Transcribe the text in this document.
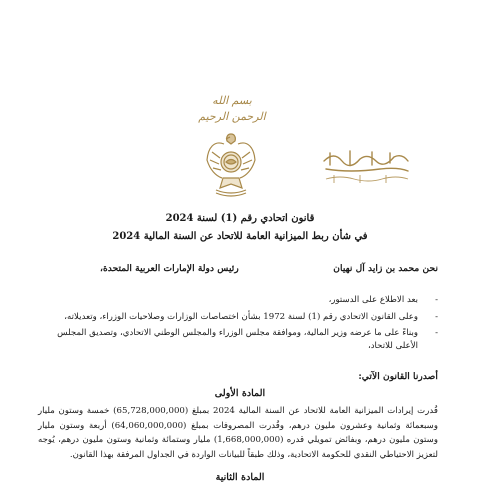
بسم الله الرحمن الرحيم
قانون اتحادي رقم (1) لسنة 2024
في شأن ربط الميزانية العامة للاتحاد عن السنة المالية 2024
نحن محمد بن زايد آل نهيان
رئيس دولة الإمارات العربية المتحدة،
-
بعد الاطلاع على الدستور،
-
وعلى القانون الاتحادي رقم (1) لسنة 1972 بشأن اختصاصات الوزارات وصلاحيات الوزراء، وتعديلاته،
-
وبناءً على ما عرضه وزير المالية، وموافقة مجلس الوزراء والمجلس الوطني الاتحادي، وتصديق المجلس الأعلى للاتحاد،
أصدرنا القانون الآتي:
المادة الأولى
قُدرت إيرادات الميزانية العامة للاتحاد عن السنة المالية 2024 بمبلغ (65,728,000,000) خمسة وستون مليار وسبعمائة وثمانية وعشرون مليون درهم، وقُدرت المصروفات بمبلغ (64,060,000,000) أربعة وستون مليار وستون مليون درهم، وبفائض تمويلي قدره (1,668,000,000) مليار وستمائة وثمانية وستون مليون درهم، يُوجه لتعزيز الاحتياطي النقدي للحكومة الاتحادية، وذلك طبقاً للبيانات الواردة في الجداول المرفقة بهذا القانون.
المادة الثانية
